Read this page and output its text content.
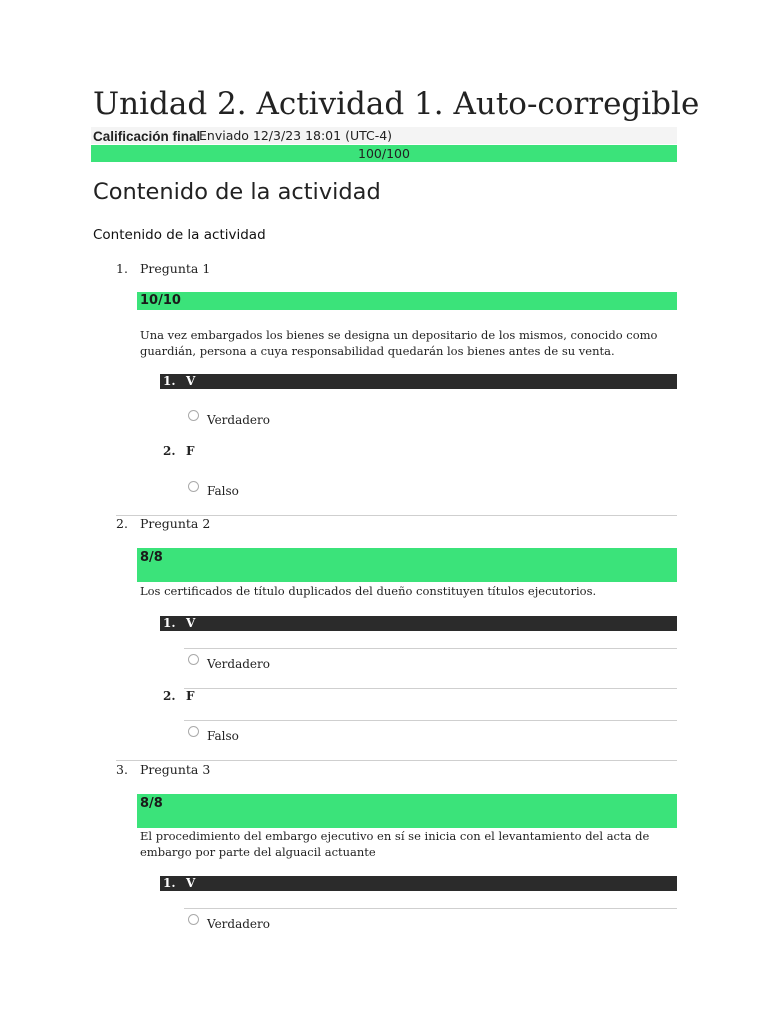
Unidad 2. Actividad 1. Auto-corregible
Calificación final
Enviado 12/3/23 18:01 (UTC-4)
100/100
Contenido de la actividad
Contenido de la actividad
1. Pregunta 1
10/10

Una vez embargados los bienes se designa un depositario de los mismos, conocido como guardián, persona a cuya responsabilidad quedarán los bienes antes de su venta.

1. V
Verdadero
2. F
Falso
2. Pregunta 2
8/8

Los certificados de título duplicados del dueño constituyen títulos ejecutorios.

1. V
Verdadero
2. F
Falso
3. Pregunta 3
8/8

El procedimiento del embargo ejecutivo en sí se inicia con el levantamiento del acta de embargo por parte del alguacil actuante

1. V
Verdadero
